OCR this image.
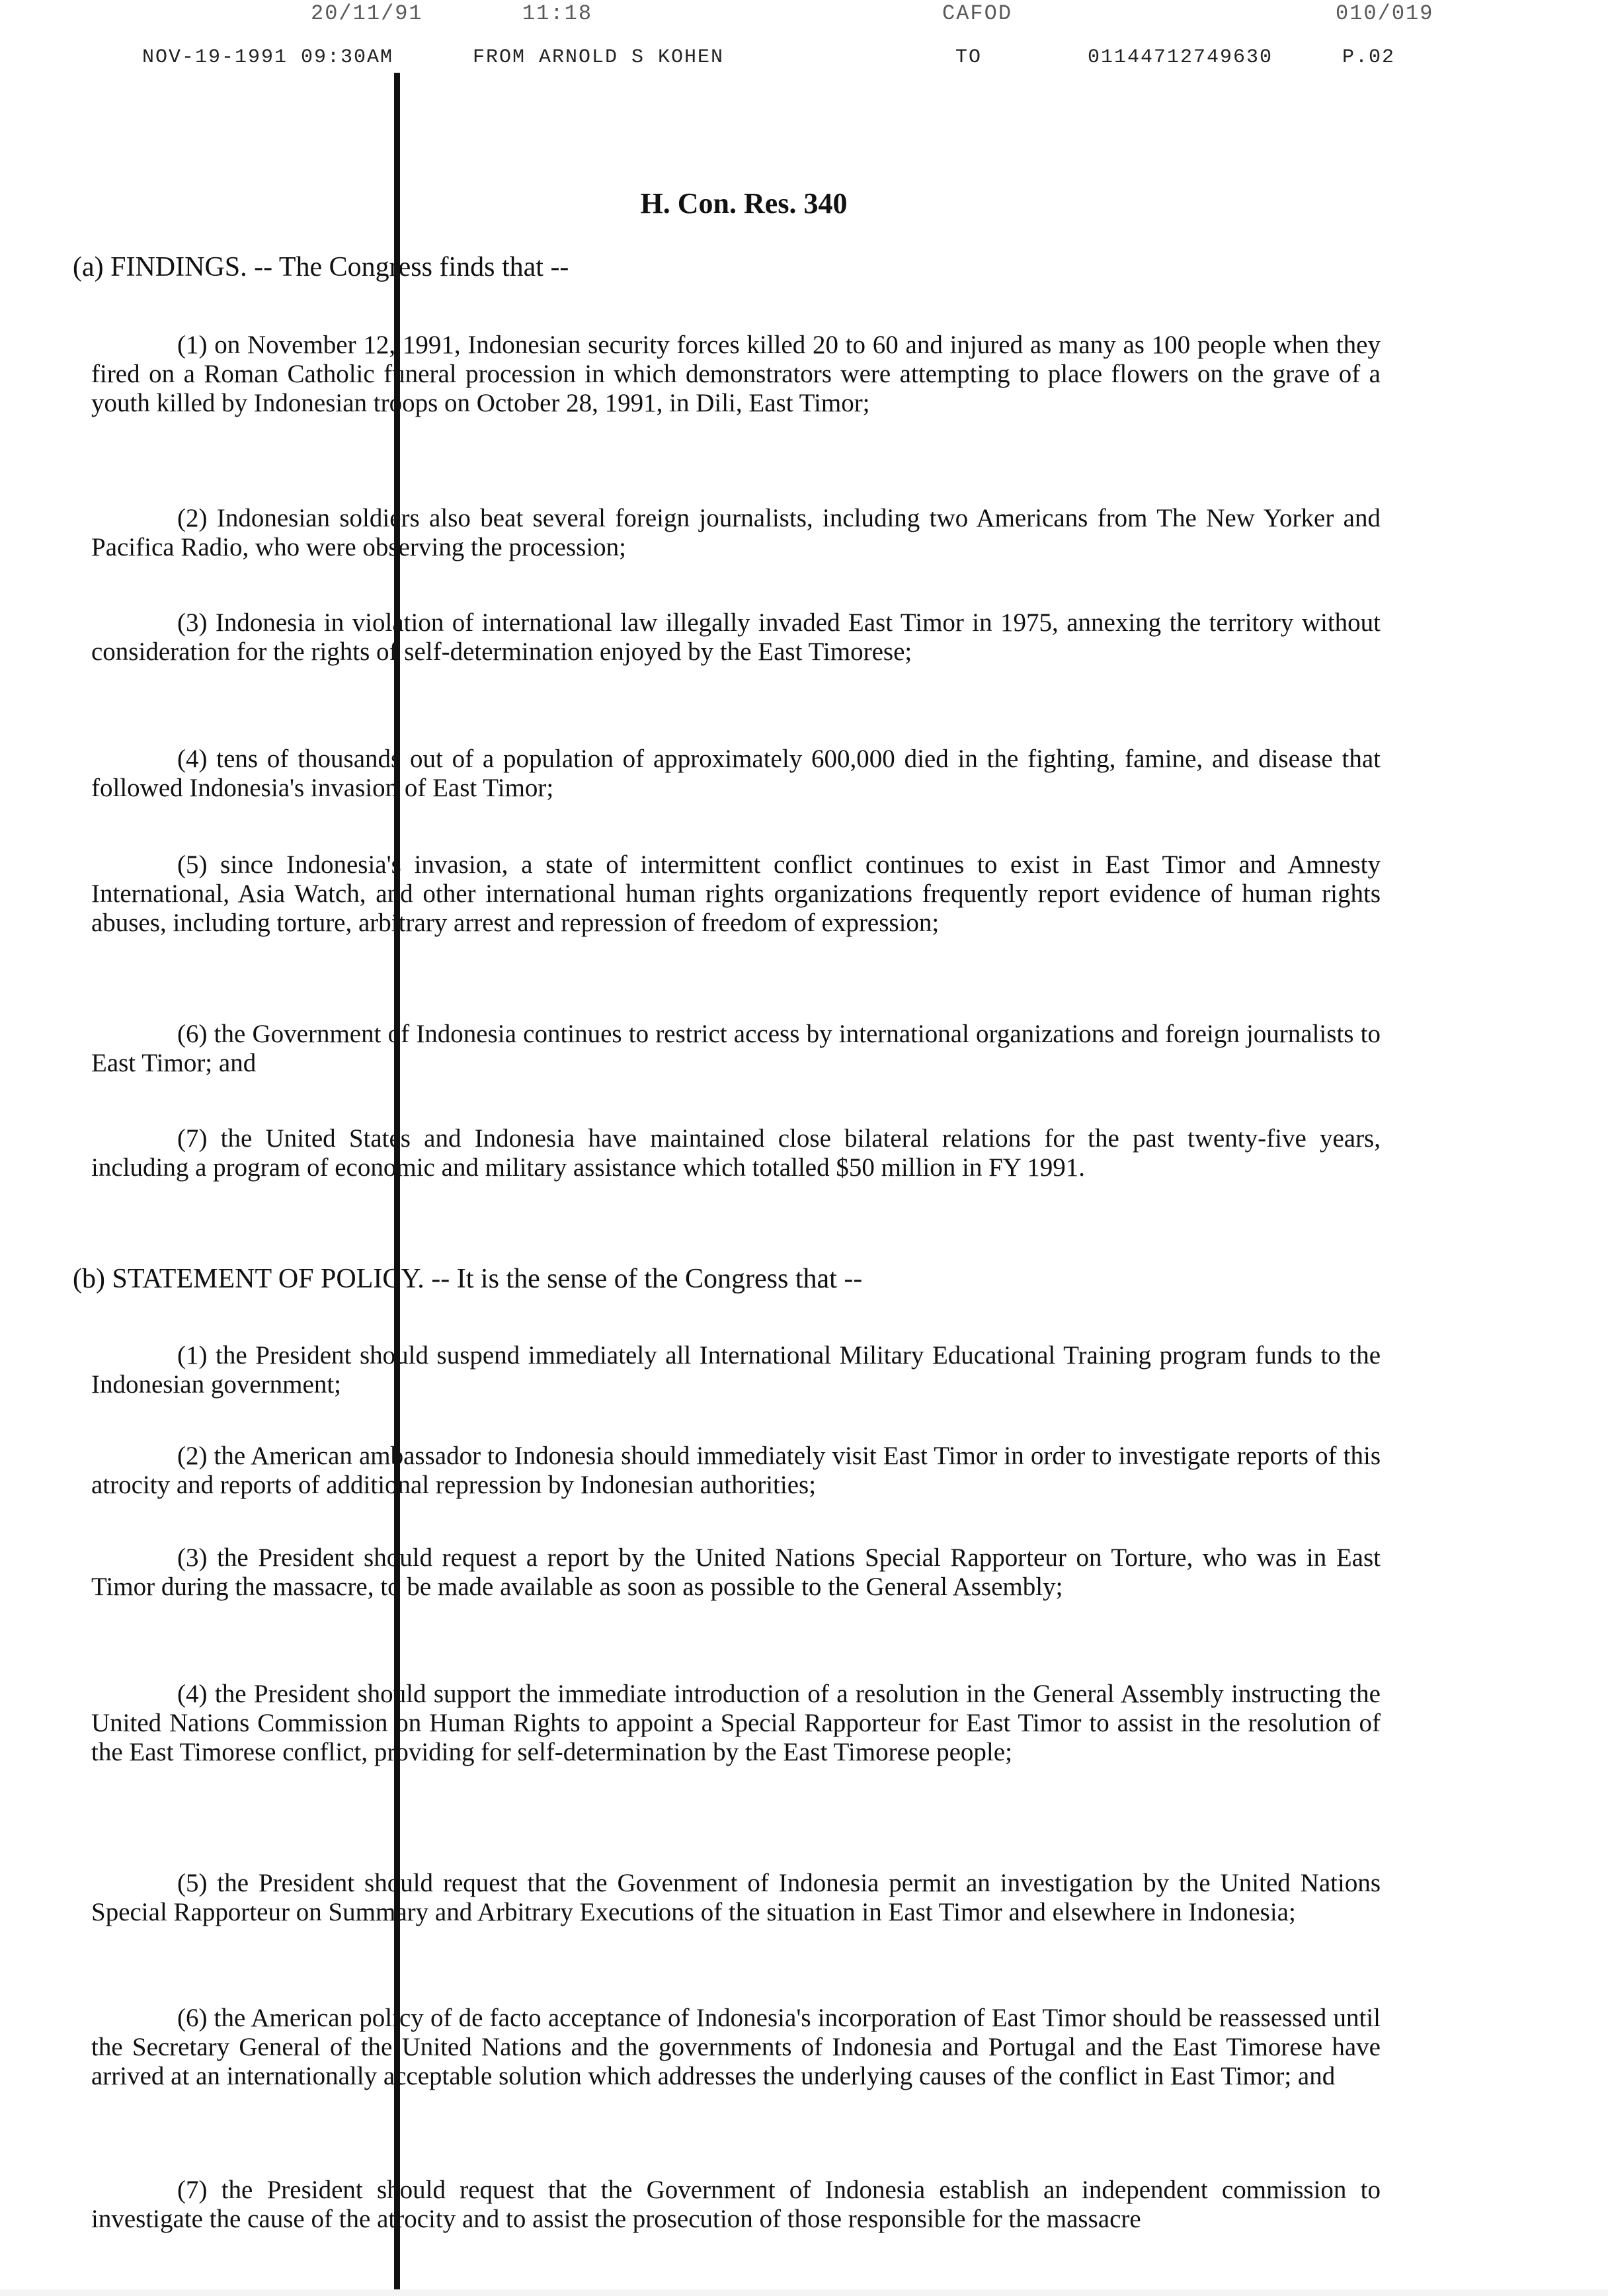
20/11/91	11:18	CAFOD	010/019
NOV-19-1991 09:30AM	FROM ARNOLD S KOHEN	TO	01144712749630	P.02
H. Con. Res. 340
(a) FINDINGS. -- The Congress finds that --
(1) on November 12, 1991, Indonesian security forces killed 20 to 60 and injured as many as 100 people when they fired on a Roman Catholic funeral procession in which demonstrators were attempting to place flowers on the grave of a youth killed by Indonesian troops on October 28, 1991, in Dili, East Timor;
(2) Indonesian soldiers also beat several foreign journalists, including two Americans from The New Yorker and Pacifica Radio, who were observing the procession;
(3) Indonesia in violation of international law illegally invaded East Timor in 1975, annexing the territory without consideration for the rights of self-determination enjoyed by the East Timorese;
(4) tens of thousands out of a population of approximately 600,000 died in the fighting, famine, and disease that followed Indonesia's invasion of East Timor;
(5) since Indonesia's invasion, a state of intermittent conflict continues to exist in East Timor and Amnesty International, Asia Watch, and other international human rights organizations frequently report evidence of human rights abuses, including torture, arbitrary arrest and repression of freedom of expression;
(6) the Government of Indonesia continues to restrict access by international organizations and foreign journalists to East Timor; and
(7) the United States and Indonesia have maintained close bilateral relations for the past twenty-five years, including a program of economic and military assistance which totalled $50 million in FY 1991.
(b) STATEMENT OF POLICY. -- It is the sense of the Congress that --
(1) the President should suspend immediately all International Military Educational Training program funds to the Indonesian government;
(2) the American ambassador to Indonesia should immediately visit East Timor in order to investigate reports of this atrocity and reports of additional repression by Indonesian authorities;
(3) the President should request a report by the United Nations Special Rapporteur on Torture, who was in East Timor during the massacre, to be made available as soon as possible to the General Assembly;
(4) the President should support the immediate introduction of a resolution in the General Assembly instructing the United Nations Commission on Human Rights to appoint a Special Rapporteur for East Timor to assist in the resolution of the East Timorese conflict, providing for self-determination by the East Timorese people;
(5) the President should request that the Govenment of Indonesia permit an investigation by the United Nations Special Rapporteur on Summary and Arbitrary Executions of the situation in East Timor and elsewhere in Indonesia;
(6) the American policy of de facto acceptance of Indonesia's incorporation of East Timor should be reassessed until the Secretary General of the United Nations and the governments of Indonesia and Portugal and the East Timorese have arrived at an internationally acceptable solution which addresses the underlying causes of the conflict in East Timor; and
(7) the President should request that the Government of Indonesia establish an independent commission to investigate the cause of the atrocity and to assist the prosecution of those responsible for the massacre
